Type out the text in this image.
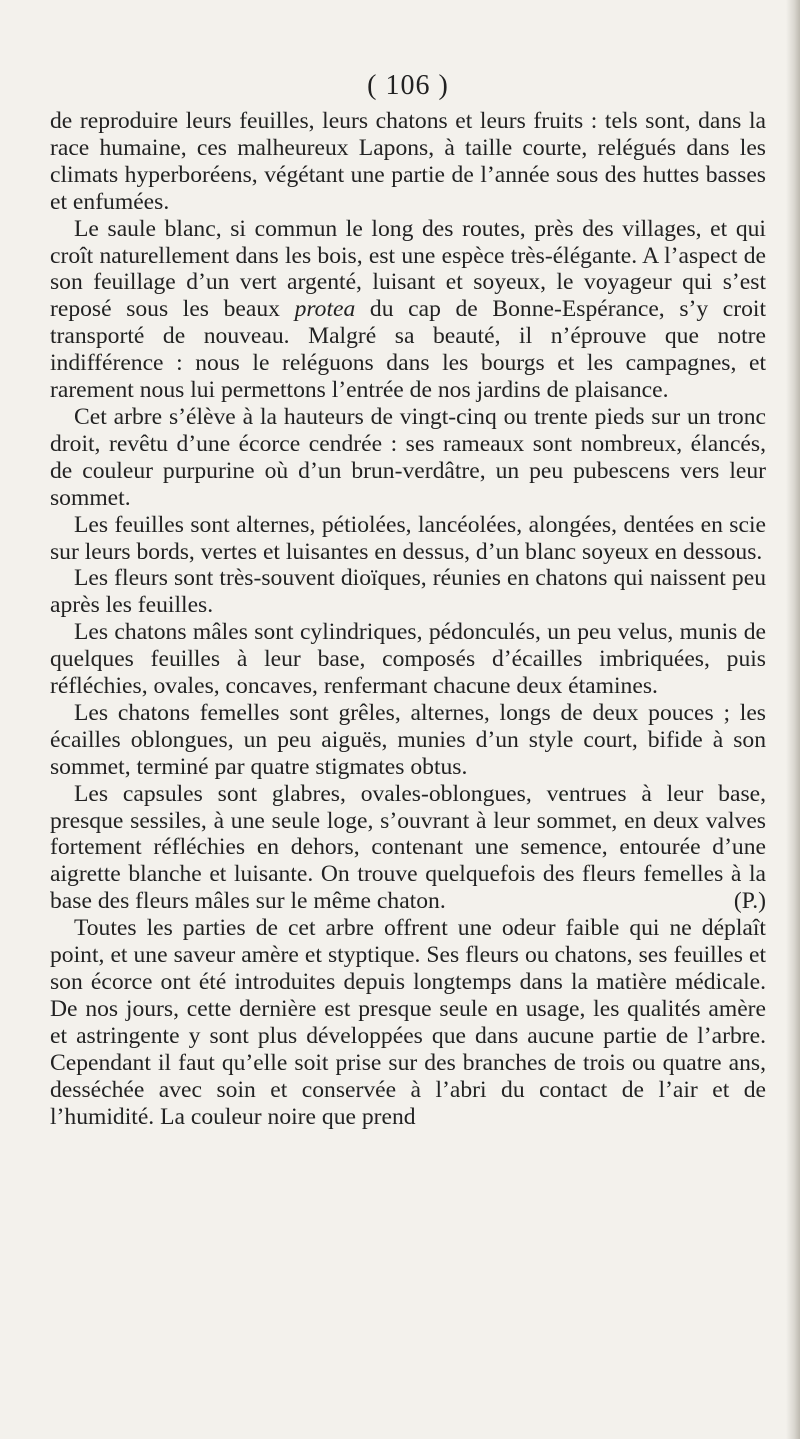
( 106 )

de reproduire leurs feuilles, leurs chatons et leurs fruits : tels sont, dans la race humaine, ces malheureux Lapons, à taille courte, relégués dans les climats hyperboréens, végétant une partie de l’année sous des huttes basses et enfumées.

Le saule blanc, si commun le long des routes, près des villages, et qui croît naturellement dans les bois, est une espèce très-élégante. A l’aspect de son feuillage d’un vert argenté, luisant et soyeux, le voyageur qui s’est reposé sous les beaux protea du cap de Bonne-Espérance, s’y croit transporté de nouveau. Malgré sa beauté, il n’éprouve que notre indifférence : nous le reléguons dans les bourgs et les campagnes, et rarement nous lui permettons l’entrée de nos jardins de plaisance.

Cet arbre s’élève à la hauteurs de vingt-cinq ou trente pieds sur un tronc droit, revêtu d’une écorce cendrée : ses rameaux sont nombreux, élancés, de couleur purpurine où d’un brun-verdâtre, un peu pubescens vers leur sommet.

Les feuilles sont alternes, pétiolées, lancéolées, alongées, dentées en scie sur leurs bords, vertes et luisantes en dessus, d’un blanc soyeux en dessous.

Les fleurs sont très-souvent dioïques, réunies en chatons qui naissent peu après les feuilles.

Les chatons mâles sont cylindriques, pédonculés, un peu velus, munis de quelques feuilles à leur base, composés d’écailles imbriquées, puis réfléchies, ovales, concaves, renfermant chacune deux étamines.

Les chatons femelles sont grêles, alternes, longs de deux pouces ; les écailles oblongues, un peu aiguës, munies d’un style court, bifide à son sommet, terminé par quatre stigmates obtus.

Les capsules sont glabres, ovales-oblongues, ventrues à leur base, presque sessiles, à une seule loge, s’ouvrant à leur sommet, en deux valves fortement réfléchies en dehors, contenant une semence, entourée d’une aigrette blanche et luisante. On trouve quelquefois des fleurs femelles à la base des fleurs mâles sur le même chaton.	(P.)

Toutes les parties de cet arbre offrent une odeur faible qui ne déplaît point, et une saveur amère et styptique. Ses fleurs ou chatons, ses feuilles et son écorce ont été introduites depuis longtemps dans la matière médicale. De nos jours, cette dernière est presque seule en usage, les qualités amère et astringente y sont plus développées que dans aucune partie de l’arbre. Cependant il faut qu’elle soit prise sur des branches de trois ou quatre ans, desséchée avec soin et conservée à l’abri du contact de l’air et de l’humidité. La couleur noire que prend
